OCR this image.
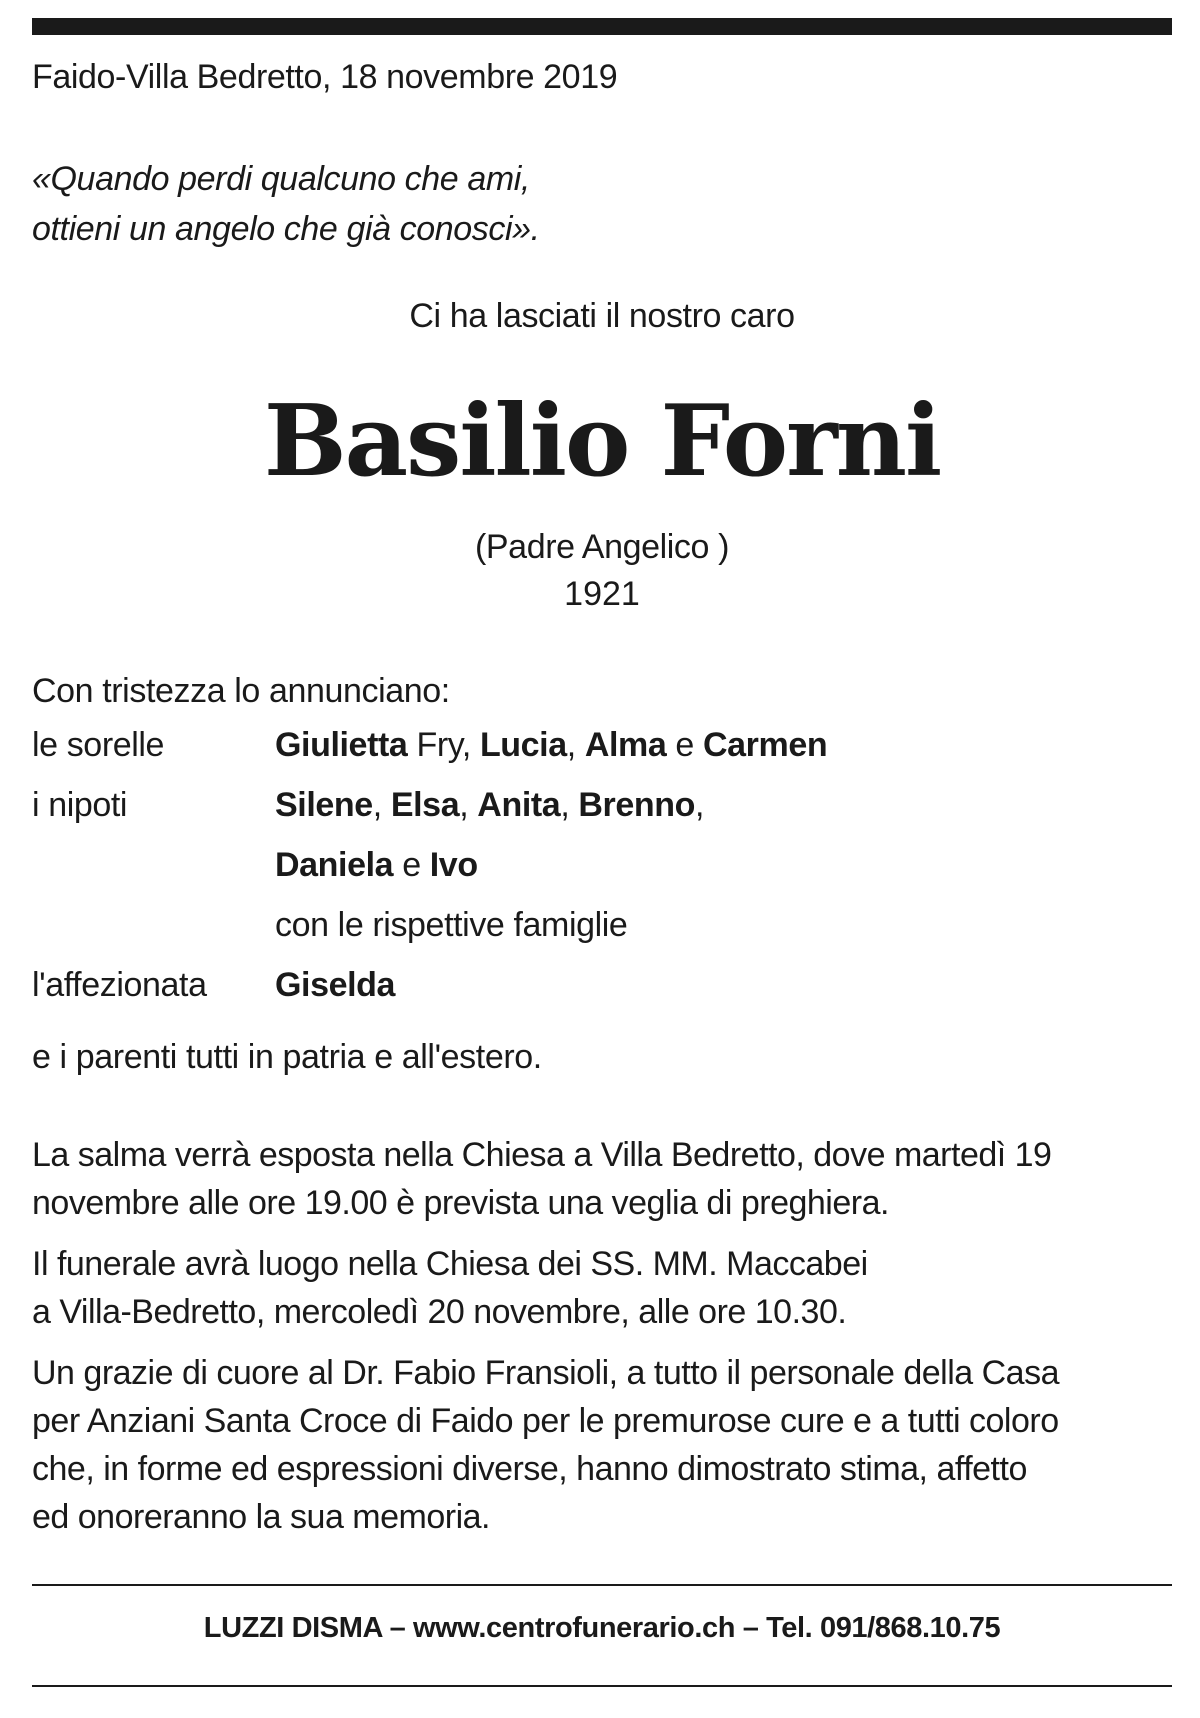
Faido-Villa Bedretto, 18 novembre 2019
«Quando perdi qualcuno che ami,
ottieni un angelo che già conosci».
Ci ha lasciati il nostro caro
Basilio Forni
(Padre Angelico )
1921
Con tristezza lo annunciano:
le sorelle	Giulietta Fry, Lucia, Alma e Carmen
i nipoti	Silene, Elsa, Anita, Brenno,
Daniela e Ivo
con le rispettive famiglie
l'affezionata Giselda
e i parenti tutti in patria e all'estero.
La salma verrà esposta nella Chiesa a Villa Bedretto, dove martedì 19
novembre alle ore 19.00 è prevista una veglia di preghiera.
Il funerale avrà luogo nella Chiesa dei SS. MM. Maccabei
a Villa-Bedretto, mercoledì 20 novembre, alle ore 10.30.
Un grazie di cuore al Dr. Fabio Fransioli, a tutto il personale della Casa
per Anziani Santa Croce di Faido per le premurose cure e a tutti coloro
che, in forme ed espressioni diverse, hanno dimostrato stima, affetto
ed onoreranno la sua memoria.
LUZZI DISMA – www.centrofunerario.ch – Tel. 091/868.10.75
